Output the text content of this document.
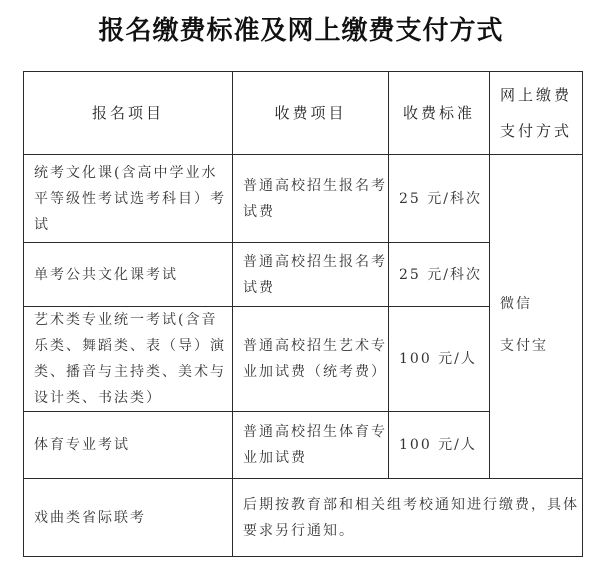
报名缴费标准及网上缴费支付方式
报名项目	收费项目	收费标准	网上缴费
支付方式

统考文化课(含高中学业水平等级性考试选考科目）考试	普通高校招生报名考试费	25 元/科次	微信
支付宝

单考公共文化课考试	普通高校招生报名考试费	25 元/科次	
艺术类专业统一考试(含音乐类、舞蹈类、表（导）演类、播音与主持类、美术与设计类、书法类）	普通高校招生艺术专业加试费（统考费）	100 元/人	
体育专业考试	普通高校招生体育专业加试费	100 元/人	
戏曲类省际联考	后期按教育部和相关组考校通知进行缴费，具体要求另行通知。		
